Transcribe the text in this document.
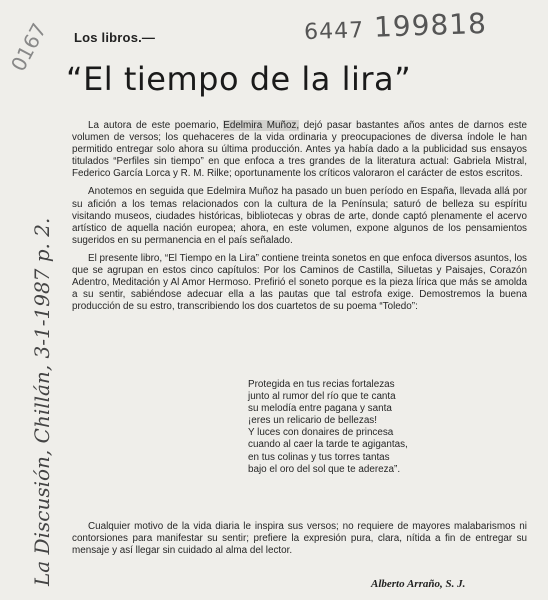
Los libros.—	6447 199818
0167
La Discusión, Chillán, 3-1-1987 p. 2.
“El tiempo de la lira”

La autora de este poemario, Edelmira Muñoz, dejó pasar bastantes años antes de darnos este volumen de versos; los quehaceres de la vida ordinaria y preocupaciones de diversa índole le han permitido entregar solo ahora su última producción. Antes ya había dado a la publicidad sus ensayos titulados “Perfiles sin tiempo” en que enfoca a tres grandes de la literatura actual: Gabriela Mistral, Federico García Lorca y R. M. Rilke; oportunamente los críticos valoraron el carácter de estos escritos.

Anotemos en seguida que Edelmira Muñoz ha pasado un buen período en España, llevada allá por su afición a los temas relacionados con la cultura de la Península; saturó de belleza su espíritu visitando museos, ciudades históricas, bibliotecas y obras de arte, donde captó plenamente el acervo artístico de aquella nación europea; ahora, en este volumen, expone algunos de los pensamientos sugeridos en su permanencia en el país señalado.

El presente libro, “El Tiempo en la Lira” contiene treinta sonetos en que enfoca diversos asuntos, los que se agrupan en estos cinco capítulos: Por los Caminos de Castilla, Siluetas y Paisajes, Corazón Adentro, Meditación y Al Amor Hermoso. Prefirió el soneto porque es la pieza lírica que más se amolda a su sentir, sabiéndose adecuar ella a las pautas que tal estrofa exige. Demostremos la buena producción de su estro, transcribiendo los dos cuartetos de su poema “Toledo”:

Protegida en tus recias fortalezas
junto al rumor del río que te canta
su melodía entre pagana y santa
¡eres un relicario de bellezas!
Y luces con donaires de princesa
cuando al caer la tarde te agigantas,
en tus colinas y tus torres tantas
bajo el oro del sol que te adereza”.

Cualquier motivo de la vida diaria le inspira sus versos; no requiere de mayores malabarismos ni contorsiones para manifestar su sentir; prefiere la expresión pura, clara, nítida a fin de entregar su mensaje y así llegar sin cuidado al alma del lector.

Alberto Arraño, S. J.
